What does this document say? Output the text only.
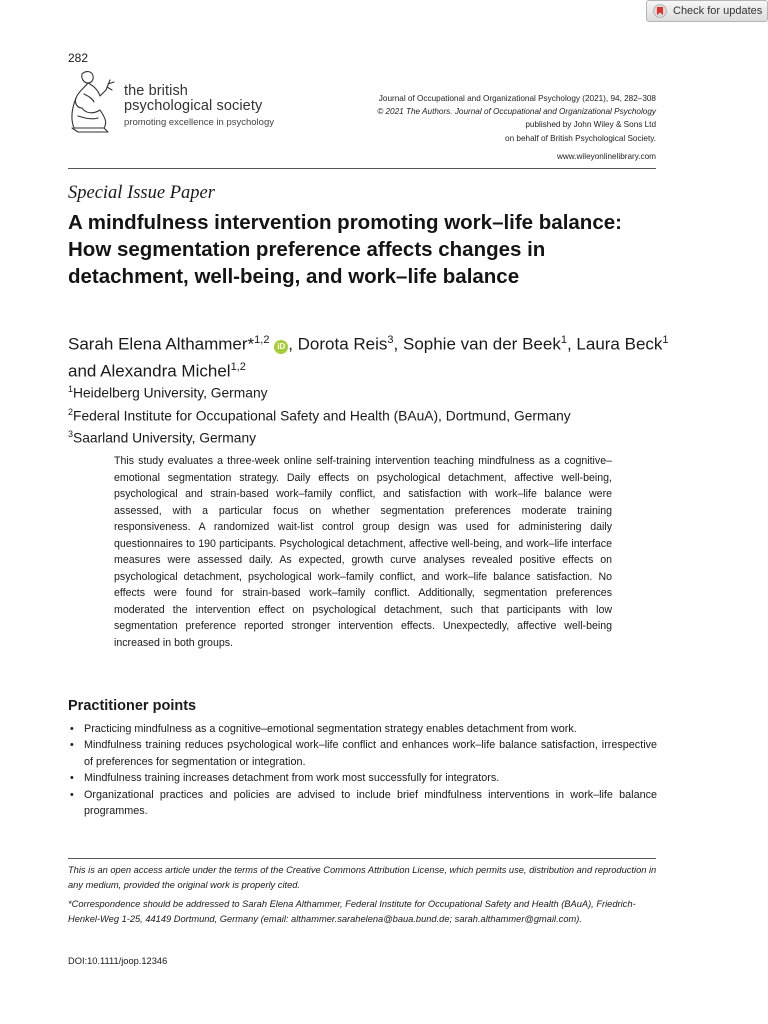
Check for updates
282
the british
psychological society
promoting excellence in psychology
Journal of Occupational and Organizational Psychology (2021), 94, 282–308
© 2021 The Authors. Journal of Occupational and Organizational Psychology
published by John Wiley & Sons Ltd
on behalf of British Psychological Society.
www.wileyonlinelibrary.com
Special Issue Paper
A mindfulness intervention promoting work–life balance: How segmentation preference affects changes in detachment, well-being, and work–life balance
Sarah Elena Althammer*$^{1,2}$ iD , Dorota Reis$^3$, Sophie van der Beek$^1$, Laura Beck$^1$ and Alexandra Michel$^{1,2}$
$^1$Heidelberg University, Germany
$^2$Federal Institute for Occupational Safety and Health (BAuA), Dortmund, Germany
$^3$Saarland University, Germany
This study evaluates a three-week online self-training intervention teaching mindfulness as a cognitive–emotional segmentation strategy. Daily effects on psychological detachment, affective well-being, psychological and strain-based work–family conflict, and satisfaction with work–life balance were assessed, with a particular focus on whether segmentation preferences moderate training responsiveness. A randomized wait-list control group design was used for administering daily questionnaires to 190 participants. Psychological detachment, affective well-being, and work–life interface measures were assessed daily. As expected, growth curve analyses revealed positive effects on psychological detachment, psychological work–family conflict, and work–life balance satisfaction. No effects were found for strain-based work–family conflict. Additionally, segmentation preferences moderated the intervention effect on psychological detachment, such that participants with low segmentation preference reported stronger intervention effects. Unexpectedly, affective well-being increased in both groups.
Practitioner points
• Practicing mindfulness as a cognitive–emotional segmentation strategy enables detachment from work.
• Mindfulness training reduces psychological work–life conflict and enhances work–life balance satisfaction, irrespective of preferences for segmentation or integration.
• Mindfulness training increases detachment from work most successfully for integrators.
• Organizational practices and policies are advised to include brief mindfulness interventions in work–life balance programmes.
This is an open access article under the terms of the Creative Commons Attribution License, which permits use, distribution and reproduction in any medium, provided the original work is properly cited.
*Correspondence should be addressed to Sarah Elena Althammer, Federal Institute for Occupational Safety and Health (BAuA), Friedrich-Henkel-Weg 1-25, 44149 Dortmund, Germany (email: althammer.sarahelena@baua.bund.de; sarah.althammer@gmail.com).
DOI:10.1111/joop.12346
